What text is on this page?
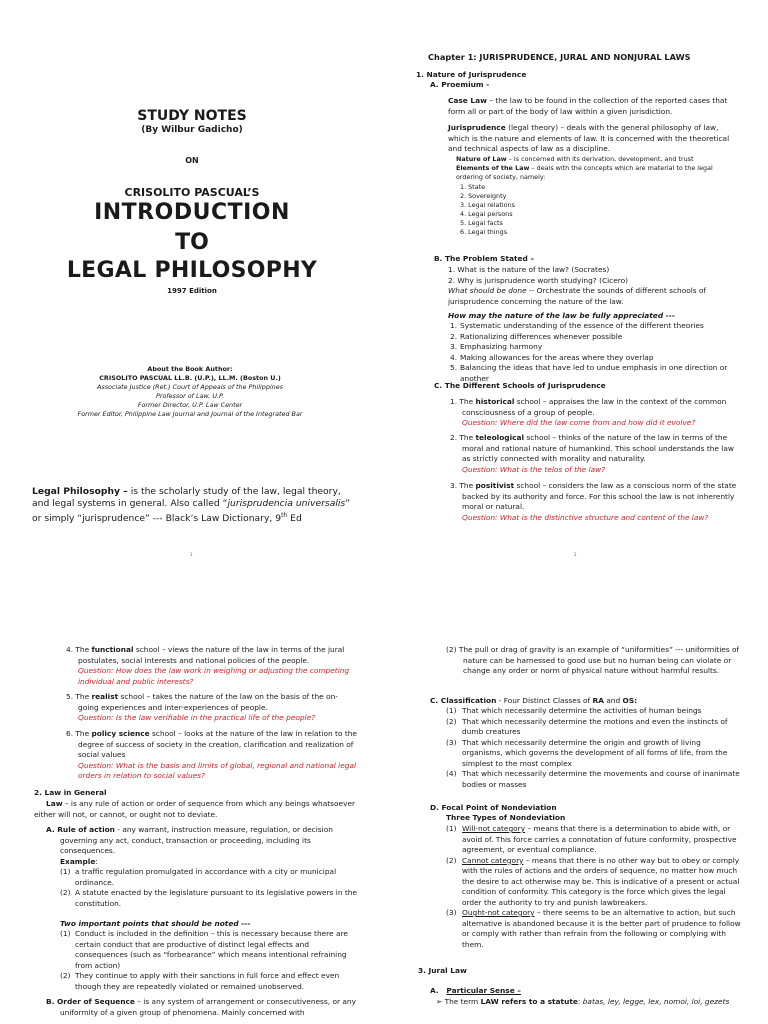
STUDY NOTES
(By Wilbur Gadicho)
ON
CRISOLITO PASCUAL’S
INTRODUCTION
TO
LEGAL PHILOSOPHY
1997 Edition
About the Book Author:
CRISOLITO PASCUAL LL.B. (U.P.), LL.M. (Boston U.)
Associate Justice (Ret.) Court of Appeals of the Philippines
Professor of Law, U.P.
Former Director, U.P. Law Center
Former Editor, Philippine Law Journal and Journal of the Integrated Bar
Legal Philosophy – is the scholarly study of the law, legal theory, and legal systems in general. Also called “jurisprudencia universalis” or simply “jurisprudence” --- Black’s Law Dictionary, 9th Ed
1
Chapter 1: JURISPRUDENCE, JURAL AND NONJURAL LAWS
1. Nature of Jurisprudence
A. Proemium -
Case Law – the law to be found in the collection of the reported cases that form all or part of the body of law within a given jurisdiction.
Jurisprudence (legal theory) – deals with the general philosophy of law, which is the nature and elements of law. It is concerned with the theoretical and technical aspects of law as a discipline.
Nature of Law – is concerned with its derivation, development, and trust
Elements of the Law – deals with the concepts which are material to the legal ordering of society, namely:
1. State
2. Sovereignty
3. Legal relations
4. Legal persons
5. Legal facts
6. Legal things
B. The Problem Stated –
1. What is the nature of the law? (Socrates)
2. Why is jurisprudence worth studying? (Cicero)
What should be done -- Orchestrate the sounds of different schools of jurisprudence concerning the nature of the law.
How may the nature of the law be fully appreciated ---
1. Systematic understanding of the essence of the different theories
2. Rationalizing differences whenever possible
3. Emphasizing harmony
4. Making allowances for the areas where they overlap
5. Balancing the ideas that have led to undue emphasis in one direction or another
C. The Different Schools of Jurisprudence
1. The historical school – appraises the law in the context of the common consciousness of a group of people.
Question: Where did the law come from and how did it evolve?
2. The teleological school – thinks of the nature of the law in terms of the moral and rational nature of humankind. This school understands the law as strictly connected with morality and naturality.
Question: What is the telos of the law?
3. The positivist school – considers the law as a conscious norm of the state backed by its authority and force. For this school the law is not inherently moral or natural.
Question: What is the distinctive structure and content of the law?
2
4. The functional school – views the nature of the law in terms of the jural postulates, social interests and national policies of the people.
Question: How does the law work in weighing or adjusting the competing individual and public interests?
5. The realist school – takes the nature of the law on the basis of the on-going experiences and inter-experiences of people.
Question: Is the law verifiable in the practical life of the people?
6. The policy science school – looks at the nature of the law in relation to the degree of success of society in the creation, clarification and realization of social values
Question: What is the basis and limits of global, regional and national legal orders in relation to social values?
2. Law in General
Law – is any rule of action or order of sequence from which any beings whatsoever either will not, or cannot, or ought not to deviate.
A. Rule of action - any warrant, instruction measure, regulation, or decision governing any act, conduct, transaction or proceeding, including its consequences.
Example:
(1) a traffic regulation promulgated in accordance with a city or municipal ordinance.
(2) A statute enacted by the legislature pursuant to its legislative powers in the constitution.
Two important points that should be noted ---
(1) Conduct is included in the definition – this is necessary because there are certain conduct that are productive of distinct legal effects and consequences (such as “forbearance” which means intentional refraining from action)
(2) They continue to apply with their sanctions in full force and effect even though they are repeatedly violated or remained unobserved.
B. Order of Sequence – is any system of arrangement or consecutiveness, or any uniformity of a given group of phenomena. Mainly concerned with
(2) The pull or drag of gravity is an example of “uniformities” --- uniformities of nature can be harnessed to good use but no human being can violate or change any order or norm of physical nature without harmful results.
C. Classification - Four Distinct Classes of RA and OS:
(1) That which necessarily determine the activities of human beings
(2) That which necessarily determine the motions and even the instincts of dumb creatures
(3) That which necessarily determine the origin and growth of living organisms, which governs the development of all forms of life, from the simplest to the most complex
(4) That which necessarily determine the movements and course of inanimate bodies or masses
D. Focal Point of Nondeviation
Three Types of Nondeviation
(1) Will-not category – means that there is a determination to abide with, or avoid of. This force carries a connotation of future conformity, prospective agreement, or eventual compliance.
(2) Cannot category – means that there is no other way but to obey or comply with the rules of actions and the orders of sequence, no matter how much the desire to act otherwise may be. This is indicative of a present or actual condition of conformity. This category is the force which gives the legal order the authority to try and punish lawbreakers.
(3) Ought-not category – there seems to be an alternative to action, but such alternative is abandoned because it is the better part of prudence to follow or comply with rather than refrain from the following or complying with them.
3. Jural Law
A. Particular Sense –
➢ The term LAW refers to a statute: batas, ley, legge, lex, nomoi, loi, gezets
